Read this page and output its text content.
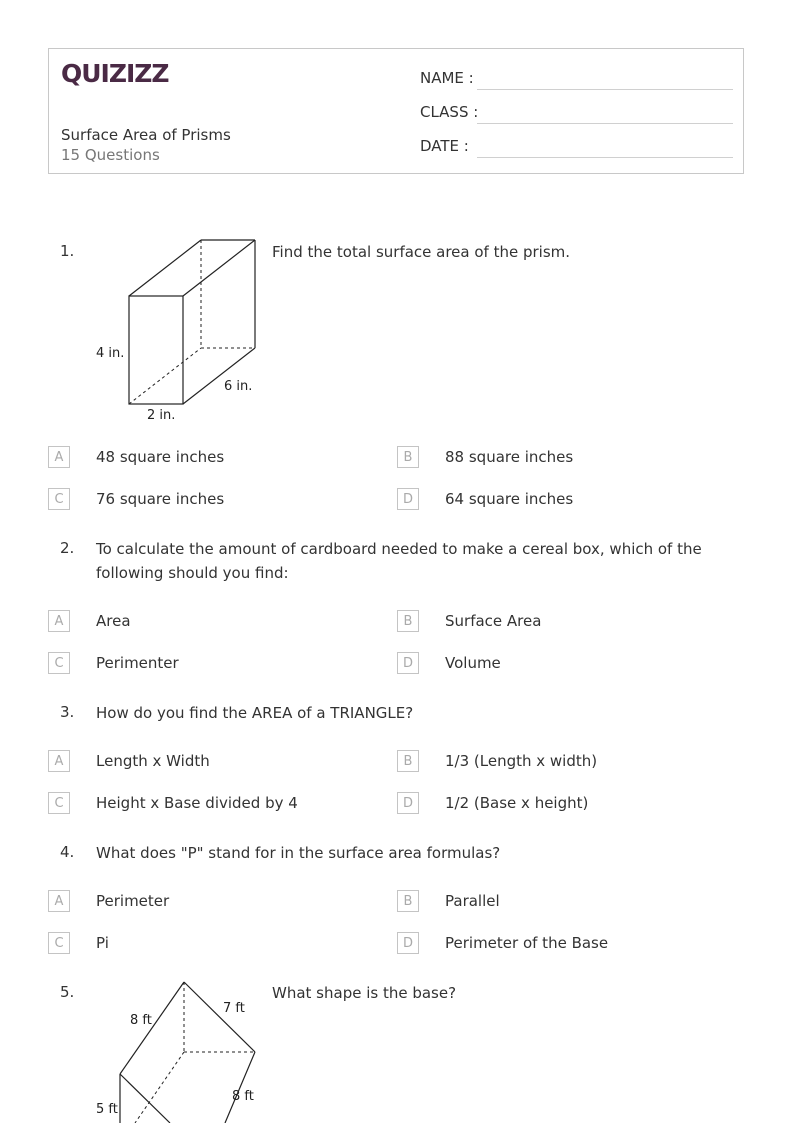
QUIZIZZ
Surface Area of Prisms
15 Questions
NAME :
CLASS :
DATE :
1.
4 in.
6 in.
2 in.
Find the total surface area of the prism.
A	48 square inches	B	88 square inches
C	76 square inches	D	64 square inches
2. To calculate the amount of cardboard needed to make a cereal box, which of the
following should you find:
A	Area	B	Surface Area
C	Perimenter	D	Volume
3. How do you find the AREA of a TRIANGLE?
A	Length x Width	B	1/3 (Length x width)
C	Height x Base divided by 4	D	1/2 (Base x height)
4. What does "P" stand for in the surface area formulas?
A	Perimeter	B	Parallel
C	Pi	D	Perimeter of the Base
5.
8 ft
7 ft
8 ft
5 ft
What shape is the base?
